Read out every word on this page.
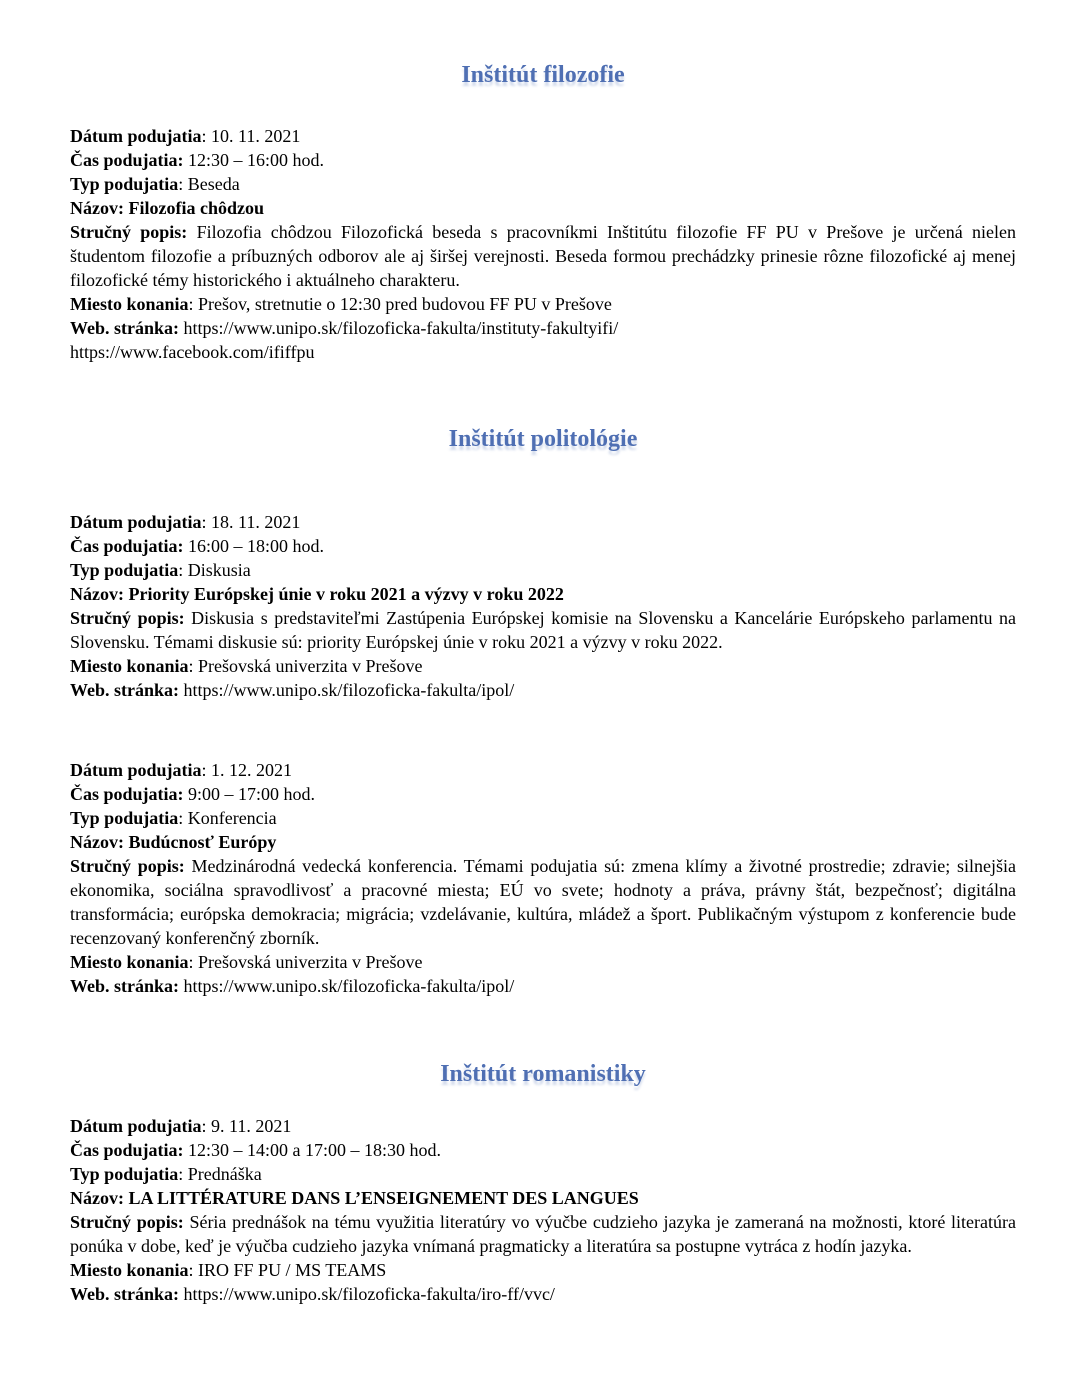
Inštitút filozofie

Dátum podujatia: 10. 11. 2021

Čas podujatia: 12:30 – 16:00 hod.

Typ podujatia: Beseda

Názov: Filozofia chôdzou

Stručný popis: Filozofia chôdzou Filozofická beseda s pracovníkmi Inštitútu filozofie FF PU v Prešove je určená nielen študentom filozofie a príbuzných odborov ale aj širšej verejnosti. Beseda formou prechádzky prinesie rôzne filozofické aj menej filozofické témy historického i aktuálneho charakteru.

Miesto konania: Prešov, stretnutie o 12:30 pred budovou FF PU v Prešove

Web. stránka: https://www.unipo.sk/filozoficka-fakulta/instituty-fakultyifi/

https://www.facebook.com/ififfpu

Inštitút politológie

Dátum podujatia: 18. 11. 2021

Čas podujatia: 16:00 – 18:00 hod.

Typ podujatia: Diskusia

Názov: Priority Európskej únie v roku 2021 a výzvy v roku 2022

Stručný popis: Diskusia s predstaviteľmi Zastúpenia Európskej komisie na Slovensku a Kancelárie Európskeho parlamentu na Slovensku. Témami diskusie sú: priority Európskej únie v roku 2021 a výzvy v roku 2022.

Miesto konania: Prešovská univerzita v Prešove

Web. stránka: https://www.unipo.sk/filozoficka-fakulta/ipol/

Dátum podujatia: 1. 12. 2021

Čas podujatia: 9:00 – 17:00 hod.

Typ podujatia: Konferencia

Názov: Budúcnosť Európy

Stručný popis: Medzinárodná vedecká konferencia. Témami podujatia sú: zmena klímy a životné prostredie; zdravie; silnejšia ekonomika, sociálna spravodlivosť a pracovné miesta; EÚ vo svete; hodnoty a práva, právny štát, bezpečnosť; digitálna transformácia; európska demokracia; migrácia; vzdelávanie, kultúra, mládež a šport. Publikačným výstupom z konferencie bude recenzovaný konferenčný zborník.

Miesto konania: Prešovská univerzita v Prešove

Web. stránka: https://www.unipo.sk/filozoficka-fakulta/ipol/

Inštitút romanistiky

Dátum podujatia: 9. 11. 2021

Čas podujatia: 12:30 – 14:00 a 17:00 – 18:30 hod.

Typ podujatia: Prednáška

Názov: LA LITTÉRATURE DANS L’ENSEIGNEMENT DES LANGUES

Stručný popis: Séria prednášok na tému využitia literatúry vo výučbe cudzieho jazyka je zameraná na možnosti, ktoré literatúra ponúka v dobe, keď je výučba cudzieho jazyka vnímaná pragmaticky a literatúra sa postupne vytráca z hodín jazyka.

Miesto konania: IRO FF PU / MS TEAMS

Web. stránka: https://www.unipo.sk/filozoficka-fakulta/iro-ff/vvc/
